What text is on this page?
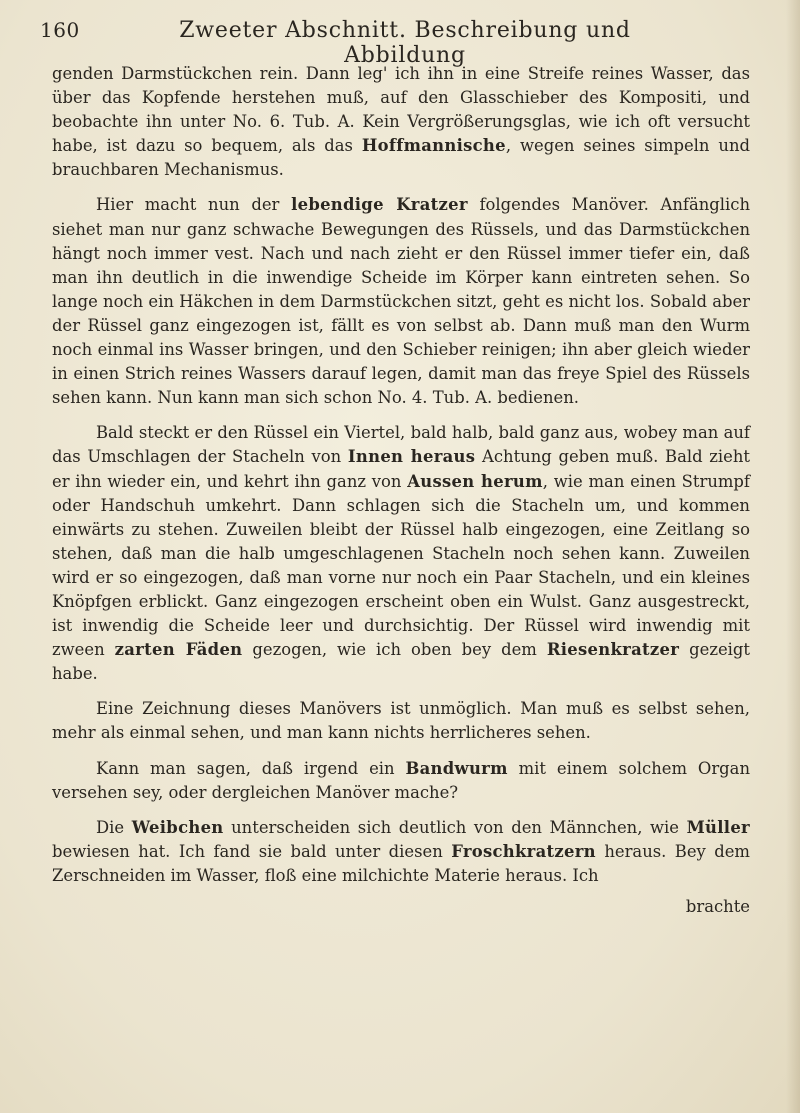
160	Zweeter Abschnitt. Beschreibung und Abbildung

genden Darmstückchen rein. Dann leg' ich ihn in eine Streife reines Wasser, das über das Kopfende herstehen muß, auf den Glasschieber des Kompositi, und beobachte ihn unter No. 6. Tub. A. Kein Vergrößerungsglas, wie ich oft versucht habe, ist dazu so bequem, als das Hoffmannische, wegen seines simpeln und brauchbaren Mechanismus.

Hier macht nun der lebendige Kratzer folgendes Manöver. Anfänglich siehet man nur ganz schwache Bewegungen des Rüssels, und das Darmstückchen hängt noch immer vest. Nach und nach zieht er den Rüssel immer tiefer ein, daß man ihn deutlich in die inwendige Scheide im Körper kann eintreten sehen. So lange noch ein Häkchen in dem Darmstückchen sitzt, geht es nicht los. Sobald aber der Rüssel ganz eingezogen ist, fällt es von selbst ab. Dann muß man den Wurm noch einmal ins Wasser bringen, und den Schieber reinigen; ihn aber gleich wieder in einen Strich reines Wassers darauf legen, damit man das freye Spiel des Rüssels sehen kann. Nun kann man sich schon No. 4. Tub. A. bedienen.

Bald steckt er den Rüssel ein Viertel, bald halb, bald ganz aus, wobey man auf das Umschlagen der Stacheln von Innen heraus Achtung geben muß. Bald zieht er ihn wieder ein, und kehrt ihn ganz von Aussen herum, wie man einen Strumpf oder Handschuh umkehrt. Dann schlagen sich die Stacheln um, und kommen einwärts zu stehen. Zuweilen bleibt der Rüssel halb eingezogen, eine Zeitlang so stehen, daß man die halb umgeschlagenen Stacheln noch sehen kann. Zuweilen wird er so eingezogen, daß man vorne nur noch ein Paar Stacheln, und ein kleines Knöpfgen erblickt. Ganz eingezogen erscheint oben ein Wulst. Ganz ausgestreckt, ist inwendig die Scheide leer und durchsichtig. Der Rüssel wird inwendig mit zween zarten Fäden gezogen, wie ich oben bey dem Riesenkratzer gezeigt habe.

Eine Zeichnung dieses Manövers ist unmöglich. Man muß es selbst sehen, mehr als einmal sehen, und man kann nichts herrlicheres sehen.

Kann man sagen, daß irgend ein Bandwurm mit einem solchem Organ versehen sey, oder dergleichen Manöver mache?

Die Weibchen unterscheiden sich deutlich von den Männchen, wie Müller bewiesen hat. Ich fand sie bald unter diesen Froschkratzern heraus. Bey dem Zerschneiden im Wasser, floß eine milchichte Materie heraus. Ich

brachte
